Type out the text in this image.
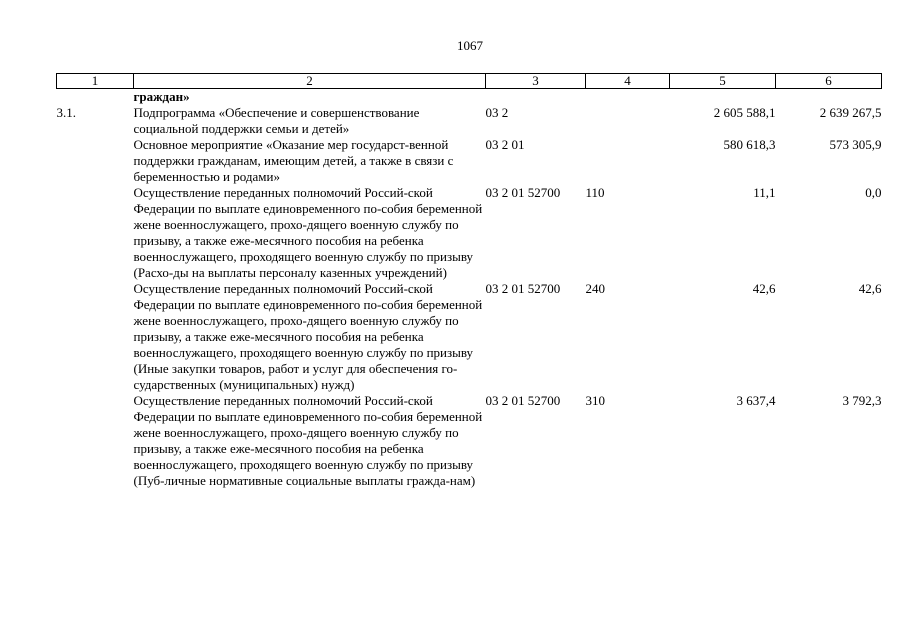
1067
1	2	3	4	5	6
	граждан»				
3.1.	Подпрограмма «Обеспечение и совершенствование социальной поддержки семьи и детей»	03 2		2 605 588,1	2 639 267,5
	Основное мероприятие «Оказание мер государст-венной поддержки гражданам, имеющим детей, а также в связи с беременностью и родами»	03 2 01		580 618,3	573 305,9
	Осуществление переданных полномочий Россий-ской Федерации по выплате единовременного по-собия беременной жене военнослужащего, прохо-дящего военную службу по призыву, а также еже-месячного пособия на ребенка военнослужащего, проходящего военную службу по призыву (Расхо-ды на выплаты персоналу казенных учреждений)	03 2 01 52700	110	11,1	0,0
	Осуществление переданных полномочий Россий-ской Федерации по выплате единовременного по-собия беременной жене военнослужащего, прохо-дящего военную службу по призыву, а также еже-месячного пособия на ребенка военнослужащего, проходящего военную службу по призыву (Иные закупки товаров, работ и услуг для обеспечения го-сударственных (муниципальных) нужд)	03 2 01 52700	240	42,6	42,6
	Осуществление переданных полномочий Россий-ской Федерации по выплате единовременного по-собия беременной жене военнослужащего, прохо-дящего военную службу по призыву, а также еже-месячного пособия на ребенка военнослужащего, проходящего военную службу по призыву (Пуб-личные нормативные социальные выплаты гражда-нам)	03 2 01 52700	310	3 637,4	3 792,3
